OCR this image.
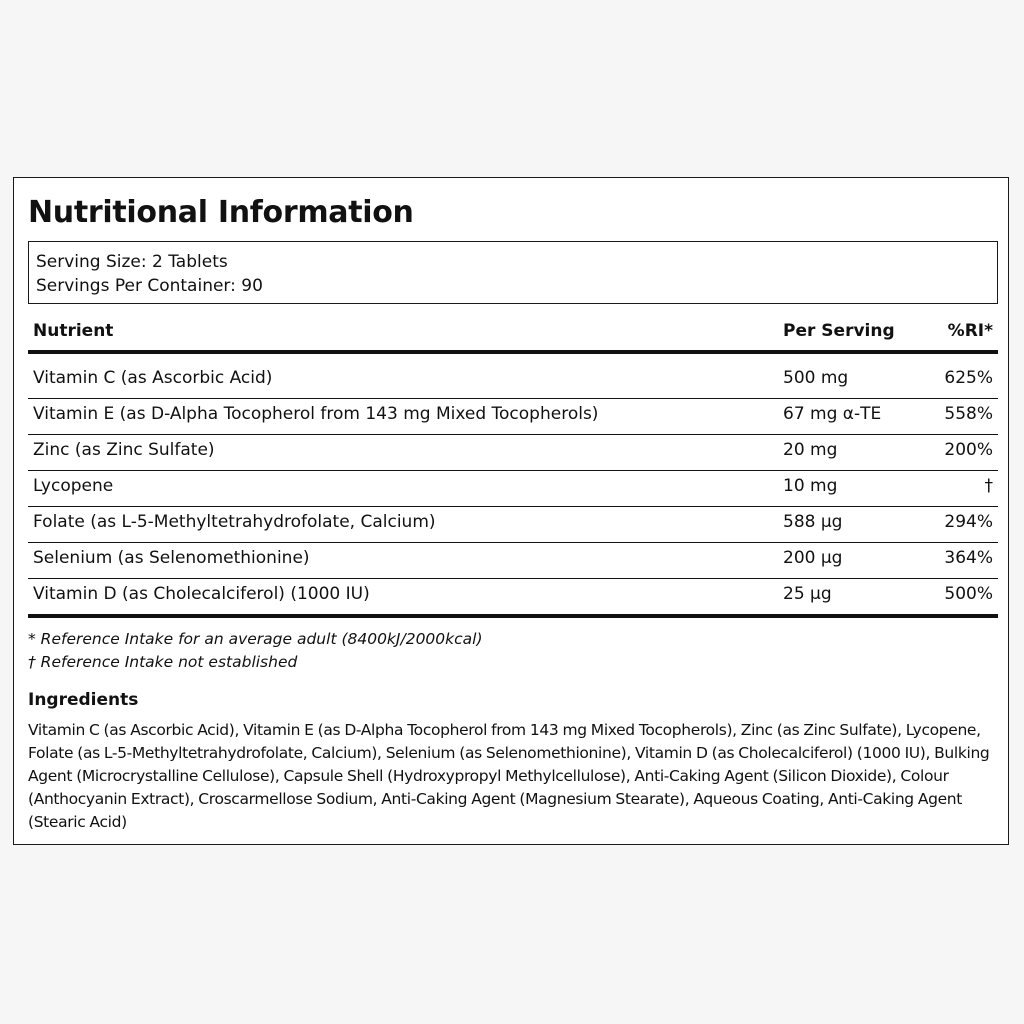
Nutritional Information
Serving Size: 2 Tablets
Servings Per Container: 90
Nutrient	Per Serving	%RI*
Vitamin C (as Ascorbic Acid)	500 mg	625%
Vitamin E (as D-Alpha Tocopherol from 143 mg Mixed Tocopherols)	67 mg α-TE	558%
Zinc (as Zinc Sulfate)	20 mg	200%
Lycopene	10 mg	†
Folate (as L-5-Methyltetrahydrofolate, Calcium)	588 µg	294%
Selenium (as Selenomethionine)	200 µg	364%
Vitamin D (as Cholecalciferol) (1000 IU)	25 µg	500%
* Reference Intake for an average adult (8400kJ/2000kcal)
† Reference Intake not established
Ingredients
Vitamin C (as Ascorbic Acid), Vitamin E (as D-Alpha Tocopherol from 143 mg Mixed Tocopherols), Zinc (as Zinc Sulfate), Lycopene, Folate (as L-5-Methyltetrahydrofolate, Calcium), Selenium (as Selenomethionine), Vitamin D (as Cholecalciferol) (1000 IU), Bulking Agent (Microcrystalline Cellulose), Capsule Shell (Hydroxypropyl Methylcellulose), Anti-Caking Agent (Silicon Dioxide), Colour (Anthocyanin Extract), Croscarmellose Sodium, Anti-Caking Agent (Magnesium Stearate), Aqueous Coating, Anti-Caking Agent (Stearic Acid)
